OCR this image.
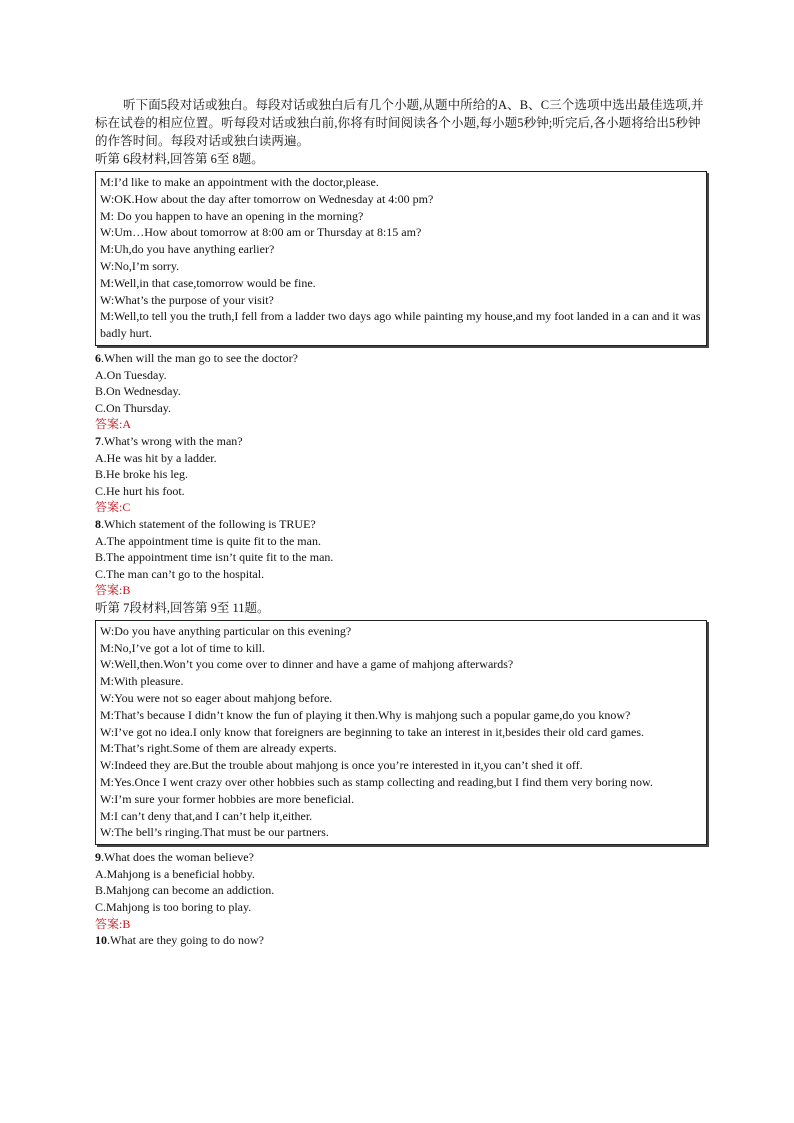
听下面5段对话或独白。每段对话或独白后有几个小题,从题中所给的A、B、C三个选项中选出最佳选项,并标在试卷的相应位置。听每段对话或独白前,你将有时间阅读各个小题,每小题5秒钟;听完后,各小题将给出5秒钟的作答时间。每段对话或独白读两遍。

听第 6段材料,回答第 6至 8题。

M:I’d like to make an appointment with the doctor,please.

W:OK.How about the day after tomorrow on Wednesday at 4:00 pm?

M: Do you happen to have an opening in the morning?

W:Um…How about tomorrow at 8:00 am or Thursday at 8:15 am?

M:Uh,do you have anything earlier?

W:No,I’m sorry.

M:Well,in that case,tomorrow would be fine.

W:What’s the purpose of your visit?

M:Well,to tell you the truth,I fell from a ladder two days ago while painting my house,and my foot landed in a can and it was badly hurt.

6.When will the man go to see the doctor?

A.On Tuesday.

B.On Wednesday.

C.On Thursday.

答案:A

7.What’s wrong with the man?

A.He was hit by a ladder.

B.He broke his leg.

C.He hurt his foot.

答案:C

8.Which statement of the following is TRUE?

A.The appointment time is quite fit to the man.

B.The appointment time isn’t quite fit to the man.

C.The man can’t go to the hospital.

答案:B

听第 7段材料,回答第 9至 11题。

W:Do you have anything particular on this evening?

M:No,I’ve got a lot of time to kill.

W:Well,then.Won’t you come over to dinner and have a game of mahjong afterwards?

M:With pleasure.

W:You were not so eager about mahjong before.

M:That’s because I didn’t know the fun of playing it then.Why is mahjong such a popular game,do you know?

W:I’ve got no idea.I only know that foreigners are beginning to take an interest in it,besides their old card games.

M:That’s right.Some of them are already experts.

W:Indeed they are.But the trouble about mahjong is once you’re interested in it,you can’t shed it off.

M:Yes.Once I went crazy over other hobbies such as stamp collecting and reading,but I find them very boring now.

W:I’m sure your former hobbies are more beneficial.

M:I can’t deny that,and I can’t help it,either.

W:The bell’s ringing.That must be our partners.

9.What does the woman believe?

A.Mahjong is a beneficial hobby.

B.Mahjong can become an addiction.

C.Mahjong is too boring to play.

答案:B

10.What are they going to do now?
